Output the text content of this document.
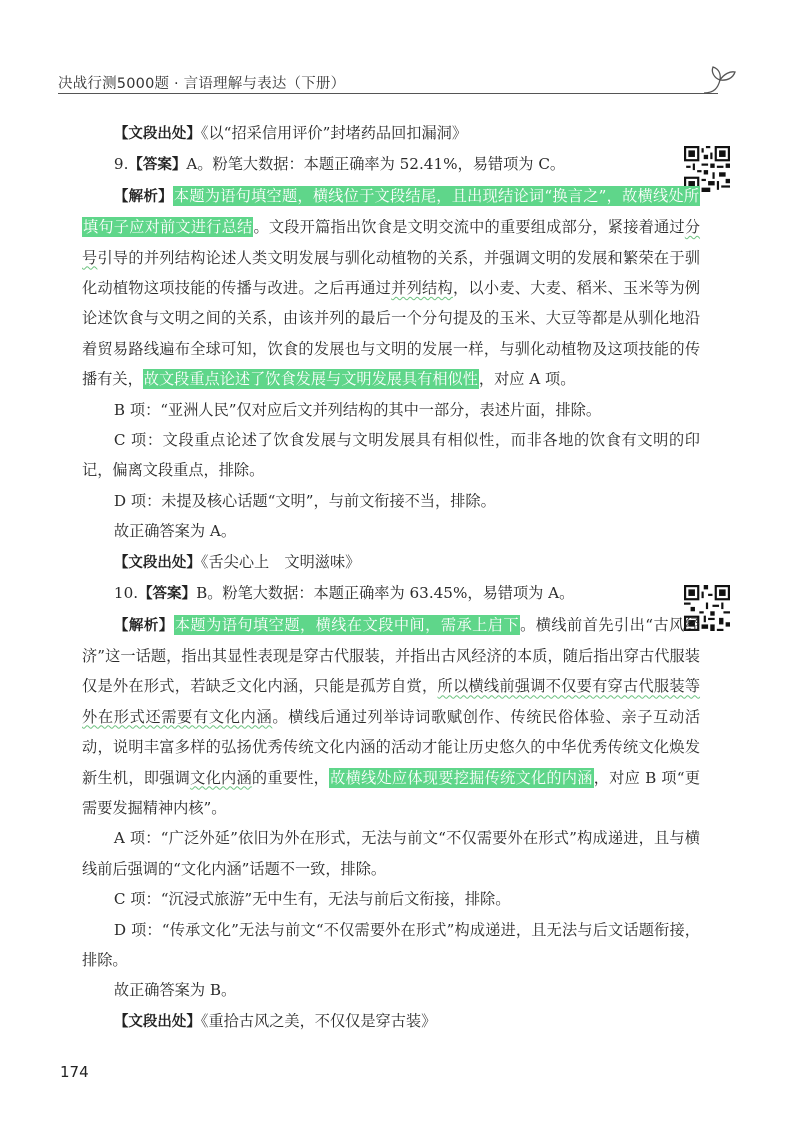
决战行测5000题 · 言语理解与表达（下册）

【文段出处】《以“招采信用评价”封堵药品回扣漏洞》

9.【答案】A。粉笔大数据：本题正确率为 52.41%，易错项为 C。

【解析】本题为语句填空题，横线位于文段结尾，且出现结论词“换言之”，故横线处所填句子应对前文进行总结。文段开篇指出饮食是文明交流中的重要组成部分，紧接着通过分号引导的并列结构论述人类文明发展与驯化动植物的关系，并强调文明的发展和繁荣在于驯化动植物这项技能的传播与改进。之后再通过并列结构，以小麦、大麦、稻米、玉米等为例论述饮食与文明之间的关系，由该并列的最后一个分句提及的玉米、大豆等都是从驯化地沿着贸易路线遍布全球可知，饮食的发展也与文明的发展一样，与驯化动植物及这项技能的传播有关，故文段重点论述了饮食发展与文明发展具有相似性，对应 A 项。

B 项：“亚洲人民”仅对应后文并列结构的其中一部分，表述片面，排除。

C 项：文段重点论述了饮食发展与文明发展具有相似性，而非各地的饮食有文明的印记，偏离文段重点，排除。

D 项：未提及核心话题“文明”，与前文衔接不当，排除。

故正确答案为 A。

【文段出处】《舌尖心上　文明滋味》

10.【答案】B。粉笔大数据：本题正确率为 63.45%，易错项为 A。

【解析】本题为语句填空题，横线在文段中间，需承上启下。横线前首先引出“古风经济”这一话题，指出其显性表现是穿古代服装，并指出古风经济的本质，随后指出穿古代服装仅是外在形式，若缺乏文化内涵，只能是孤芳自赏，所以横线前强调不仅要有穿古代服装等外在形式还需要有文化内涵。横线后通过列举诗词歌赋创作、传统民俗体验、亲子互动活动，说明丰富多样的弘扬优秀传统文化内涵的活动才能让历史悠久的中华优秀传统文化焕发新生机，即强调文化内涵的重要性，故横线处应体现要挖掘传统文化的内涵，对应 B 项“更需要发掘精神内核”。

A 项：“广泛外延”依旧为外在形式，无法与前文“不仅需要外在形式”构成递进，且与横线前后强调的“文化内涵”话题不一致，排除。

C 项：“沉浸式旅游”无中生有，无法与前后文衔接，排除。

D 项：“传承文化”无法与前文“不仅需要外在形式”构成递进，且无法与后文话题衔接，排除。

故正确答案为 B。

【文段出处】《重拾古风之美，不仅仅是穿古装》

174
